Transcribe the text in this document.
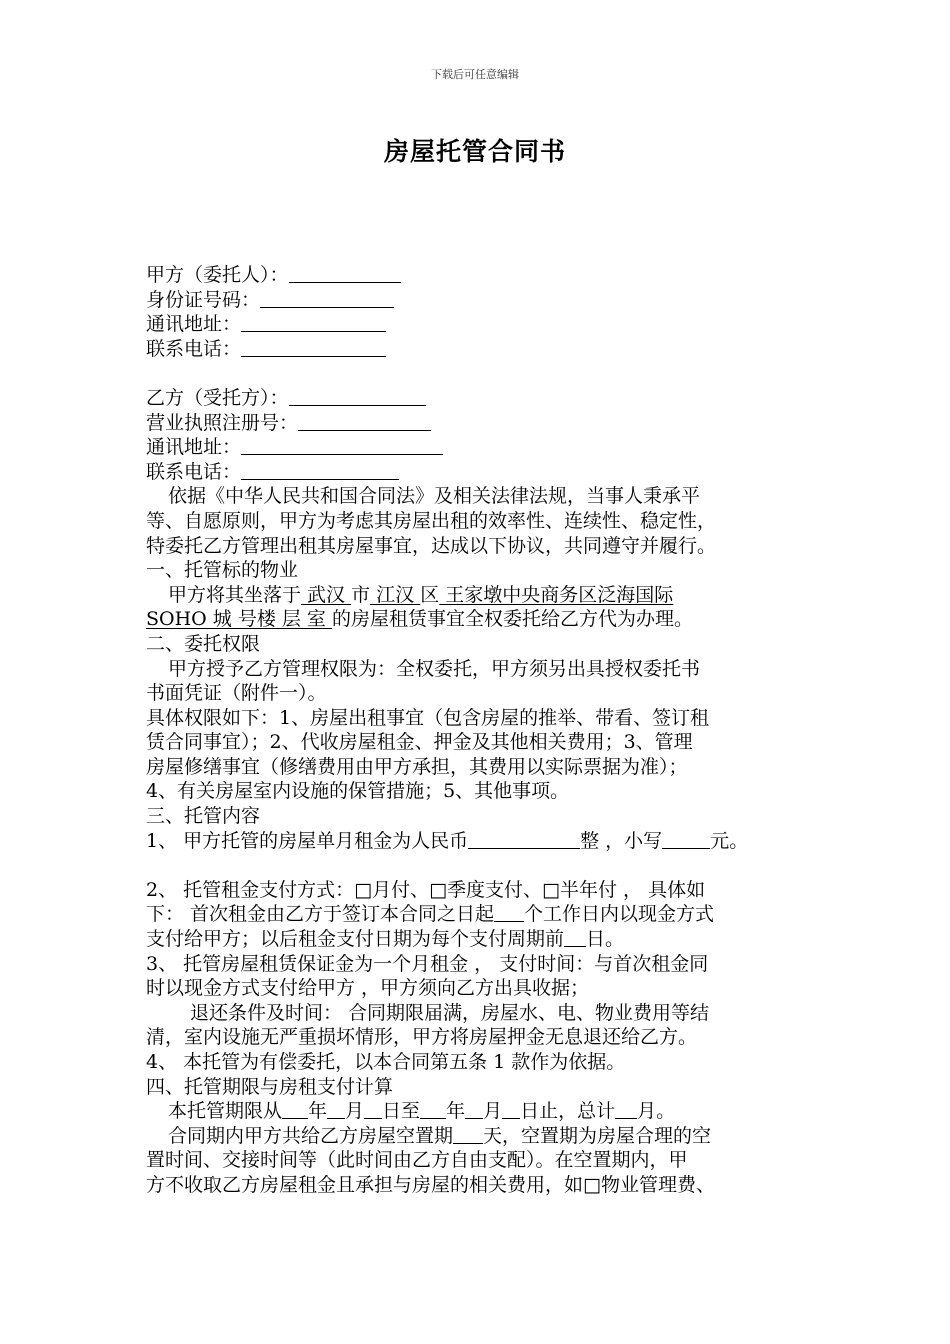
下载后可任意编辑
房屋托管合同书
甲方（委托人）：
身份证号码：
通讯地址：
联系电话：
乙方（受托方）：
营业执照注册号：
通讯地址：
联系电话：
依据《中华人民共和国合同法》及相关法律法规，当事人秉承平
等、自愿原则，甲方为考虑其房屋出租的效率性、连续性、稳定性，
特委托乙方管理出租其房屋事宜，达成以下协议，共同遵守并履行。
一、托管标的物业
甲方将其坐落于 武汉 市 江汉 区 王家墩中央商务区泛海国际
SOHO 城 号楼 层 室 的房屋租赁事宜全权委托给乙方代为办理。
二、委托权限
甲方授予乙方管理权限为：全权委托，甲方须另出具授权委托书
书面凭证（附件一）。
具体权限如下：1、房屋出租事宜（包含房屋的推举、带看、签订租
赁合同事宜）；2、代收房屋租金、押金及其他相关费用；3、管理
房屋修缮事宜（修缮费用由甲方承担，其费用以实际票据为准）；
4、有关房屋室内设施的保管措施；5、其他事项。
三、托管内容
1、 甲方托管的房屋单月租金为人民币	整 ，小写	元。
2、 托管租金支付方式：□月付、□季度支付、□半年付 ， 具体如
下： 首次租金由乙方于签订本合同之日起 个工作日内以现金方式
支付给甲方；以后租金支付日期为每个支付周期前 日。
3、 托管房屋租赁保证金为一个月租金 ， 支付时间：与首次租金同
时以现金方式支付给甲方 ，甲方须向乙方出具收据；
退还条件及时间： 合同期限届满，房屋水、电、物业费用等结
清，室内设施无严重损坏情形，甲方将房屋押金无息退还给乙方。
4、 本托管为有偿委托，以本合同第五条 1 款作为依据。
四、托管期限与房租支付计算
本托管期限从 年 月 日至 年 月 日止，总计 月。
合同期内甲方共给乙方房屋空置期 天，空置期为房屋合理的空
置时间、交接时间等（此时间由乙方自由支配）。在空置期内，甲
方不收取乙方房屋租金且承担与房屋的相关费用，如□物业管理费、
